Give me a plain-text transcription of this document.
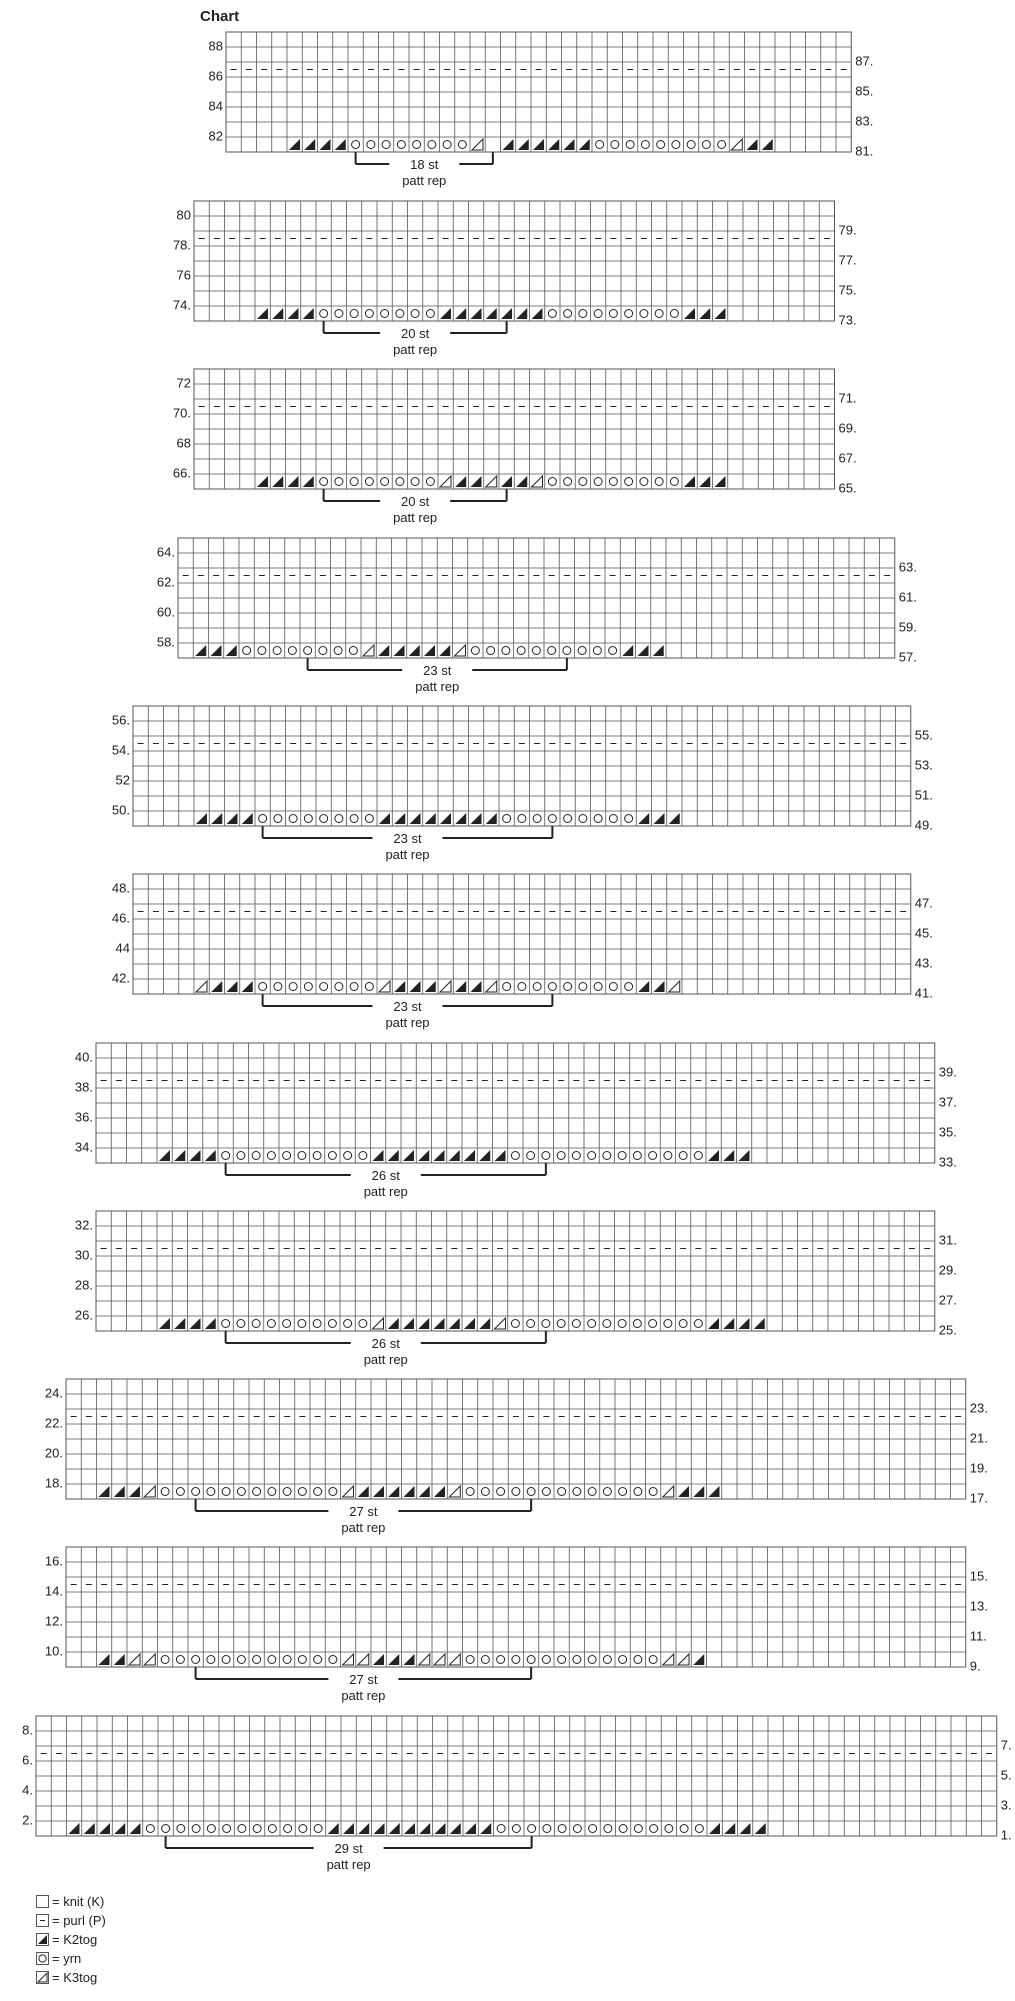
Chart
88
86
84
82
87.
85.
83.
81.
18 st
patt rep
80
78.
76
74.
79.
77.
75.
73.
20 st
patt rep
72
70.
68
66.
71.
69.
67.
65.
20 st
patt rep
64.
62.
60.
58.
63.
61.
59.
57.
23 st
patt rep
56.
54.
52
50.
55.
53.
51.
49.
23 st
patt rep
48.
46.
44
42.
47.
45.
43.
41.
23 st
patt rep
40.
38.
36.
34.
39.
37.
35.
33.
26 st
patt rep
32.
30.
28.
26.
31.
29.
27.
25.
26 st
patt rep
24.
22.
20.
18.
23.
21.
19.
17.
27 st
patt rep
16.
14.
12.
10.
15.
13.
11.
9.
27 st
patt rep
8.
6.
4.
2.
7.
5.
3.
1.
29 st
patt rep
= knit (K)
= purl (P)
= K2tog
= yrn
= K3tog
